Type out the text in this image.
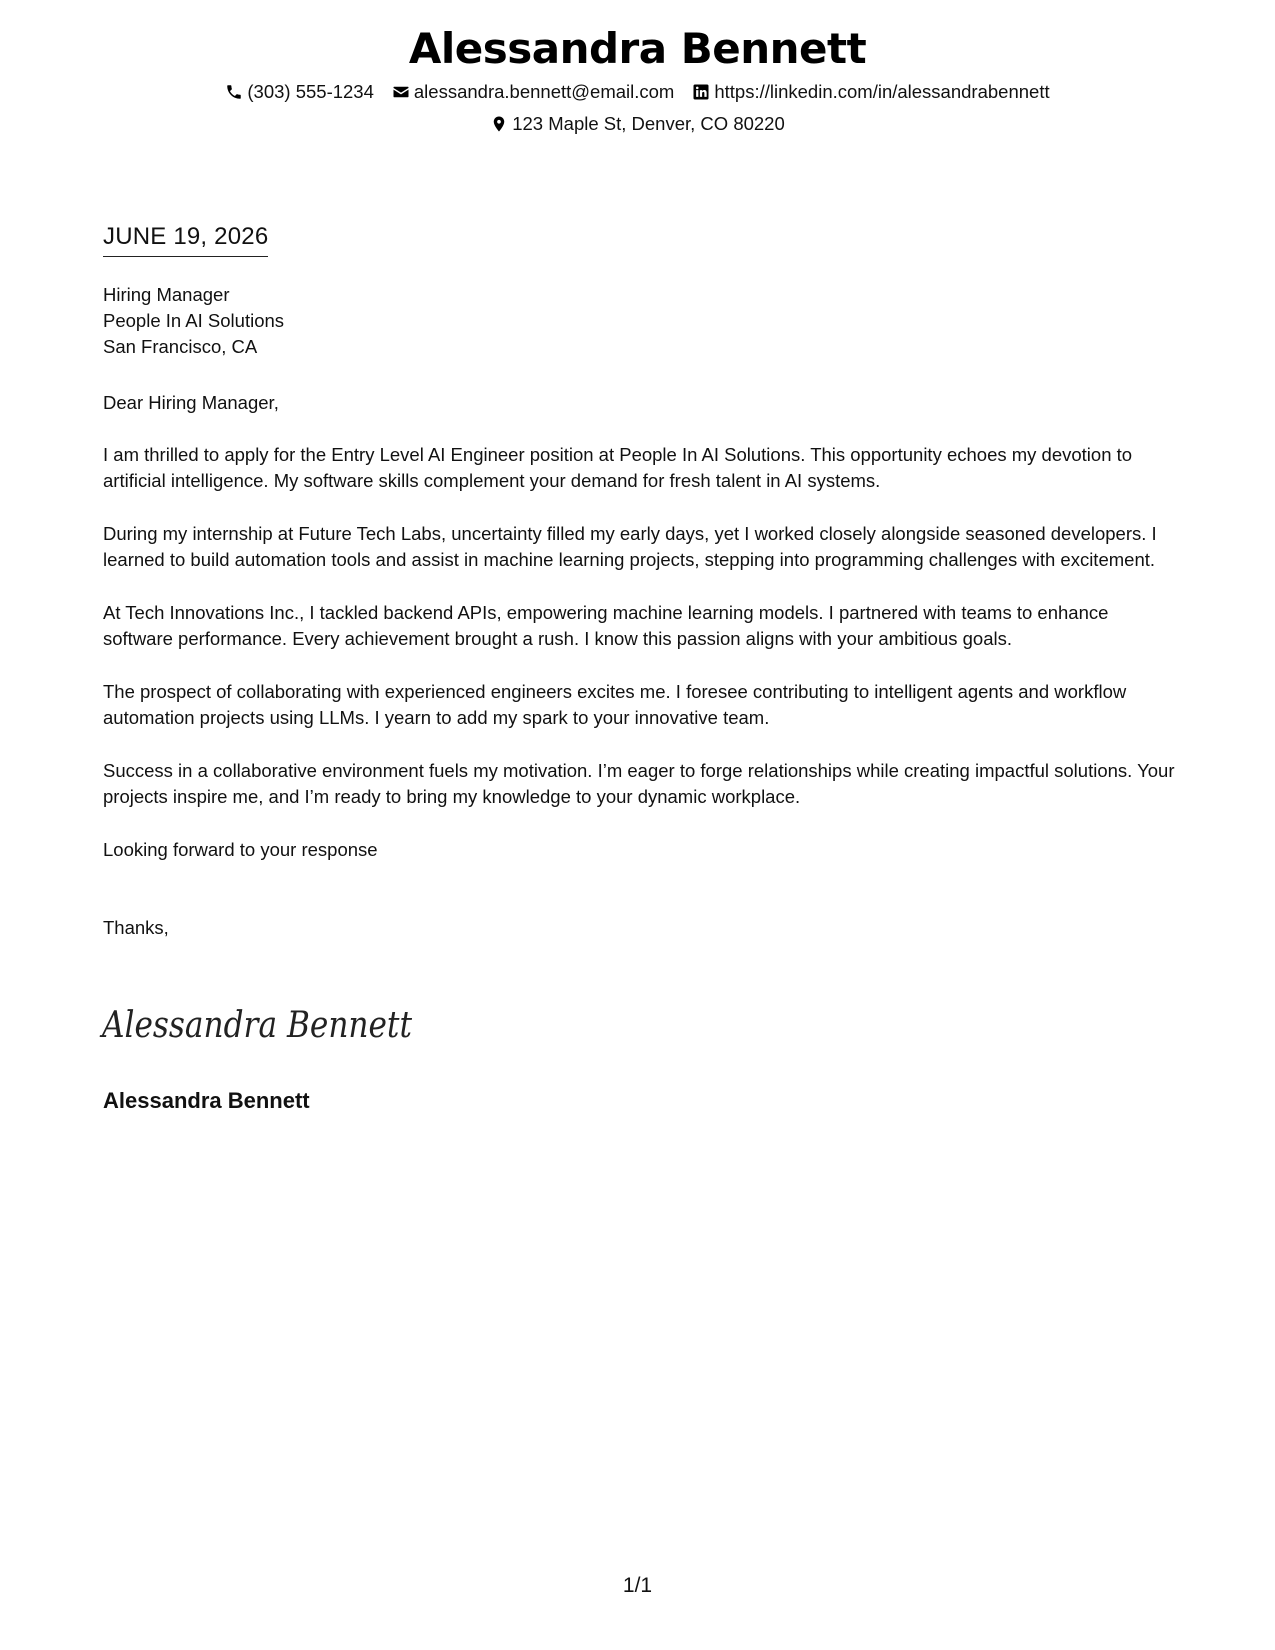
Alessandra Bennett
(303) 555-1234 alessandra.bennett@email.com https://linkedin.com/in/alessandrabennett
123 Maple St, Denver, CO 80220
JUNE 19, 2026
Hiring Manager
People In AI Solutions
San Francisco, CA

Dear Hiring Manager,

I am thrilled to apply for the Entry Level AI Engineer position at People In AI Solutions. This opportunity echoes my devotion to artificial intelligence. My software skills complement your demand for fresh talent in AI systems.

During my internship at Future Tech Labs, uncertainty filled my early days, yet I worked closely alongside seasoned developers. I learned to build automation tools and assist in machine learning projects, stepping into programming challenges with excitement.

At Tech Innovations Inc., I tackled backend APIs, empowering machine learning models. I partnered with teams to enhance software performance. Every achievement brought a rush. I know this passion aligns with your ambitious goals.

The prospect of collaborating with experienced engineers excites me. I foresee contributing to intelligent agents and workflow automation projects using LLMs. I yearn to add my spark to your innovative team.

Success in a collaborative environment fuels my motivation. I’m eager to forge relationships while creating impactful solutions. Your projects inspire me, and I’m ready to bring my knowledge to your dynamic workplace.

Looking forward to your response

Thanks,

Alessandra Bennett
Alessandra Bennett
1/1
